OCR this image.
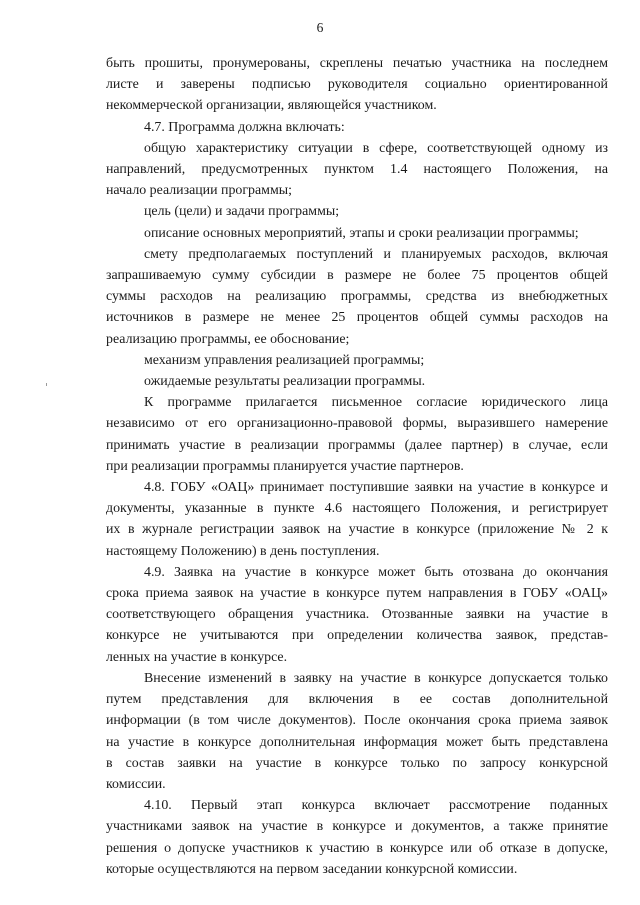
6

быть прошиты, пронумерованы, скреплены печатью участника на последнем
листе и заверены подписью руководителя социально ориентированной
некоммерческой организации, являющейся участником.

4.7. Программа должна включать:

общую характеристику ситуации в сфере, соответствующей одному из
направлений, предусмотренных пунктом 1.4 настоящего Положения, на
начало реализации программы;

цель (цели) и задачи программы;

описание основных мероприятий, этапы и сроки реализации программы;

смету предполагаемых поступлений и планируемых расходов, включая
запрашиваемую сумму субсидии в размере не более 75 процентов общей
суммы расходов на реализацию программы, средства из внебюджетных
источников в размере не менее 25 процентов общей суммы расходов на
реализацию программы, ее обоснование;

механизм управления реализацией программы;

ожидаемые результаты реализации программы.

К программе прилагается письменное согласие юридического лица
независимо от его организационно-правовой формы, выразившего намерение
принимать участие в реализации программы (далее партнер) в случае, если
при реализации программы планируется участие партнеров.

4.8. ГОБУ «ОАЦ» принимает поступившие заявки на участие в конкурсе и
документы, указанные в пункте 4.6 настоящего Положения, и регистрирует
их в журнале регистрации заявок на участие в конкурсе (приложение № 2 к
настоящему Положению) в день поступления.

4.9. Заявка на участие в конкурсе может быть отозвана до окончания
срока приема заявок на участие в конкурсе путем направления в ГОБУ «ОАЦ»
соответствующего обращения участника. Отозванные заявки на участие в
конкурсе не учитываются при определении количества заявок, представ-
ленных на участие в конкурсе.

Внесение изменений в заявку на участие в конкурсе допускается только
путем представления для включения в ее состав дополнительной
информации (в том числе документов). После окончания срока приема заявок
на участие в конкурсе дополнительная информация может быть представлена
в состав заявки на участие в конкурсе только по запросу конкурсной
комиссии.

4.10. Первый этап конкурса включает рассмотрение поданных
участниками заявок на участие в конкурсе и документов, а также принятие
решения о допуске участников к участию в конкурсе или об отказе в допуске,
которые осуществляются на первом заседании конкурсной комиссии.
